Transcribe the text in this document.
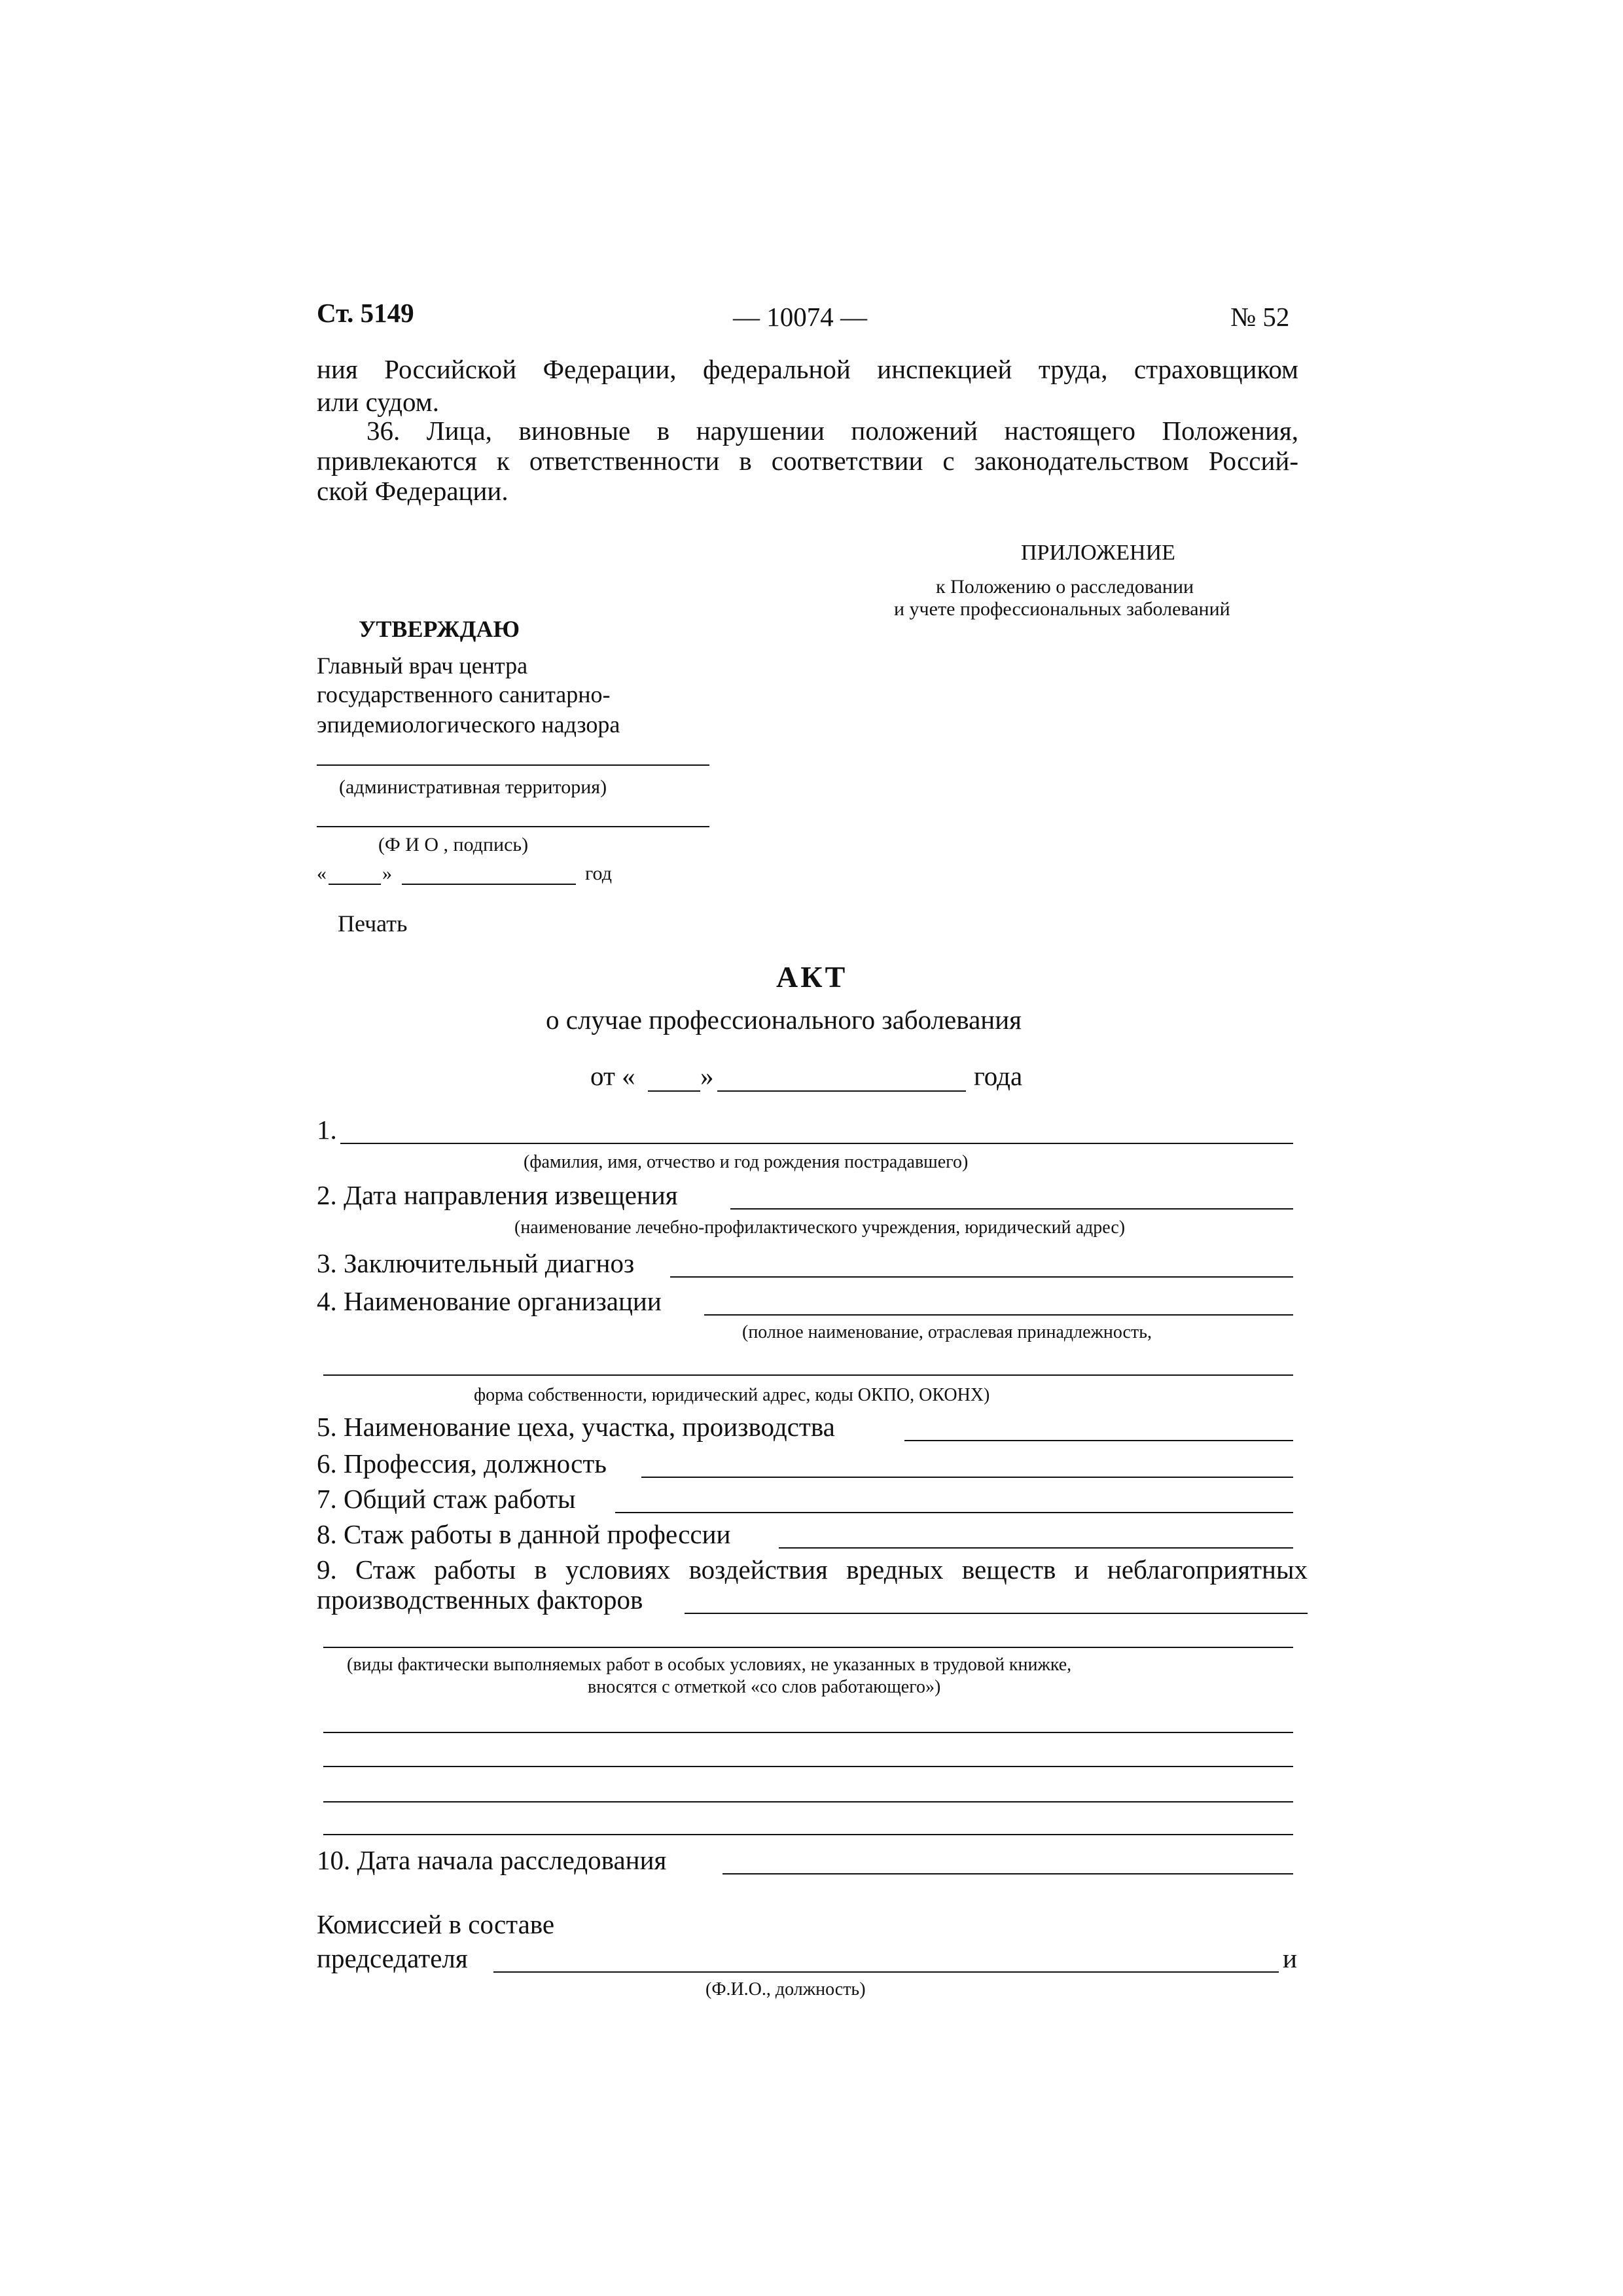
Ст. 5149	— 10074 —	№ 52
ния Российской Федерации, федеральной инспекцией труда, страховщиком
или судом.
36. Лица, виновные в нарушении положений настоящего Положения,
привлекаются к ответственности в соответствии с законодательством Россий-
ской Федерации.
ПРИЛОЖЕНИЕ
к Положению о расследовании
и учете профессиональных заболеваний
УТВЕРЖДАЮ
Главный врач центра
государственного санитарно-
эпидемиологического надзора
(административная территория)
(Ф И О , подпись)
«	»	год
Печать
АКТ
о случае профессионального заболевания
от « »	года
1.
(фамилия, имя, отчество и год рождения пострадавшего)
2. Дата направления извещения
(наименование лечебно-профилактического учреждения, юридический адрес)
3. Заключительный диагноз
4. Наименование организации
(полное наименование, отраслевая принадлежность,
форма собственности, юридический адрес, коды ОКПО, ОКОНХ)
5. Наименование цеха, участка, производства
6. Профессия, должность
7. Общий стаж работы
8. Стаж работы в данной профессии
9. Стаж работы в условиях воздействия вредных веществ и неблагоприятных
производственных факторов
(виды фактически выполняемых работ в особых условиях, не указанных в трудовой книжке,
вносятся с отметкой «со слов работающего»)
10. Дата начала расследования
Комиссией в составе
председателя	и
(Ф.И.О., должность)
